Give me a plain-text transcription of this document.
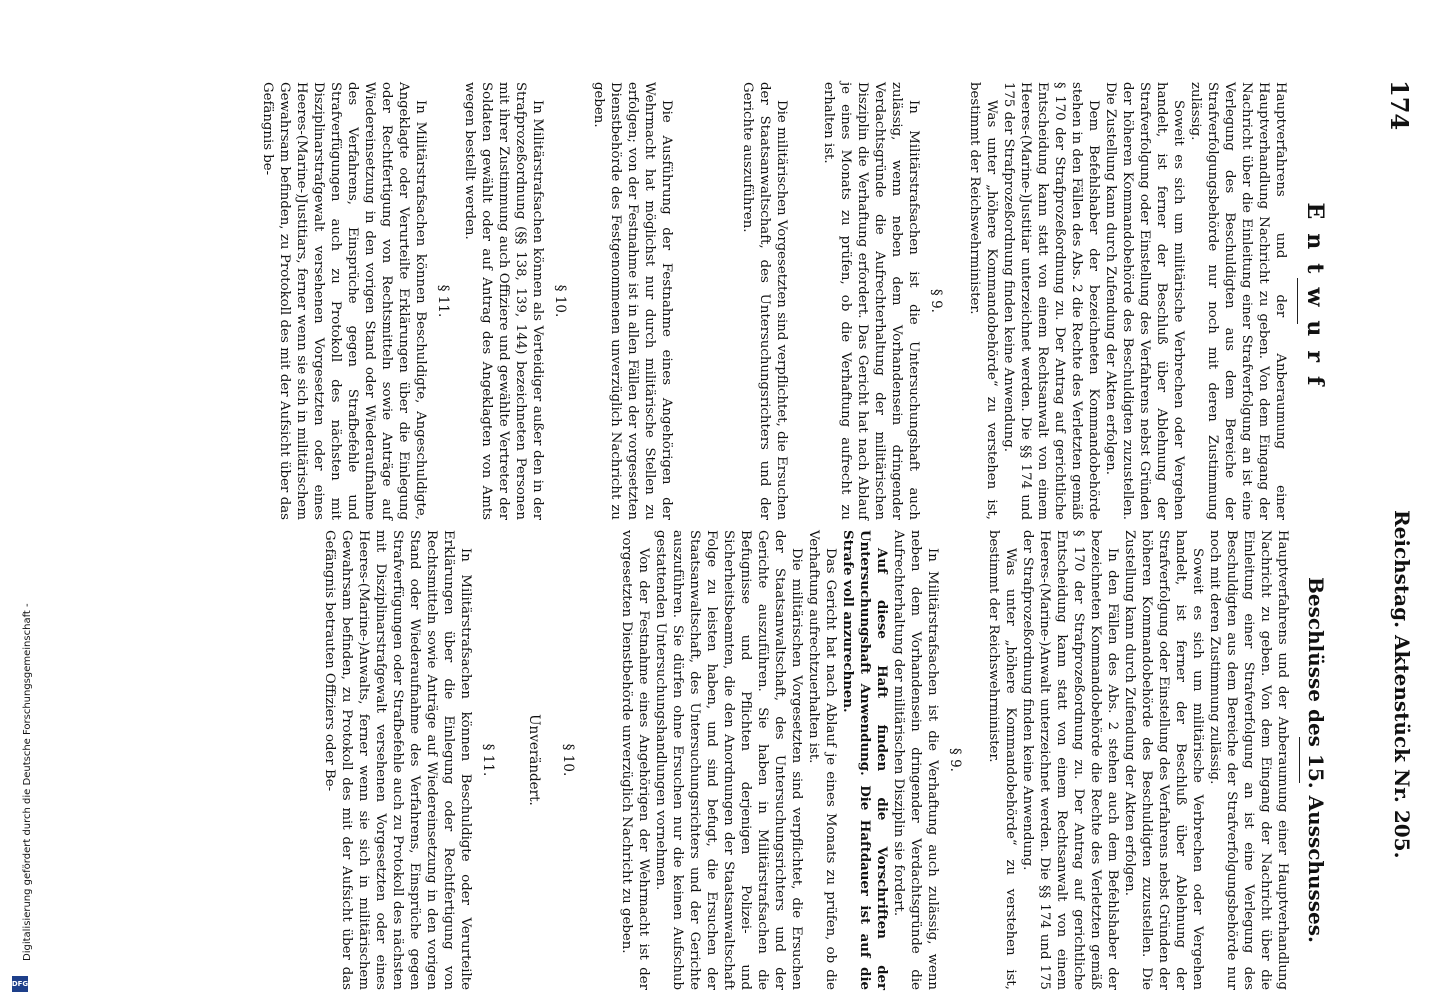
174
Reichstag. Aktenstück Nr. 205.
Entwurf

Hauptverfahrens und der Anberaumung einer Hauptverhandlung Nachricht zu geben. Von dem Eingang der Nachricht über die Einleitung einer Strafverfolgung an ist eine Verlegung des Beschuldigten aus dem Bereiche der Strafverfolgungsbehörde nur noch mit deren Zustimmung zulässig.

Soweit es sich um militärische Verbrechen oder Vergehen handelt, ist ferner der Beschluß über Ablehnung der Strafverfolgung oder Einstellung des Verfahrens nebst Gründen der höheren Kommandobehörde des Beschuldigten zuzustellen. Die Zustellung kann durch Zufendung der Akten erfolgen.

Dem Befehlshaber der bezeichneten Kommandobehörde stehen in den Fällen des Abs. 2 die Rechte des Verletzten gemäß § 170 der Strafprozeßordnung zu. Der Antrag auf gerichtliche Entscheidung kann statt von einem Rechtsanwalt von einem Heeres-(Marine-)Justitiar unterzeichnet werden. Die §§ 174 und 175 der Strafprozeßordnung finden keine Anwendung.

Was unter „höhere Kommandobehörde“ zu verstehen ist, bestimmt der Reichswehrminister.

§ 9.

In Militärstrafsachen ist die Untersuchungshaft auch zulässig, wenn neben dem Vorhandensein dringender Verdachtsgründe die Aufrechterhaltung der militärischen Disziplin die Verhaftung erfordert. Das Gericht hat nach Ablauf je eines Monats zu prüfen, ob die Verhaftung aufrecht zu erhalten ist.

Die militärischen Vorgesetzten sind verpflichtet, die Ersuchen der Staatsanwaltschaft, des Untersuchungsrichters und der Gerichte auszuführen.

Die Ausführung der Festnahme eines Angehörigen der Wehrmacht hat möglichst nur durch militärische Stellen zu erfolgen; von der Festnahme ist in allen Fällen der vorgesetzten Dienstbehörde des Festgenommenen unverzüglich Nachricht zu geben.

§ 10.

In Militärstrafsachen können als Verteidiger außer den in der Strafprozeßordnung (§§ 138, 139, 144) bezeichneten Personen mit ihrer Zustimmung auch Offiziere und gewählte Vertreter der Soldaten gewählt oder auf Antrag des Angeklagten von Amts wegen bestellt werden.

§ 11.

In Militärstrafsachen können Beschuldigte, Angeschuldigte, Angeklagte oder Verurteilte Erklärungen über die Einlegung oder Rechtfertigung von Rechtsmitteln sowie Anträge auf Wiedereinsetzung in den vorigen Stand oder Wiederaufnahme des Verfahrens, Einsprüche gegen Strafbefehle und Strafverfügungen auch zu Protokoll des nächsten mit Disziplinarstrafgewalt versehenen Vorgesetzten oder eines Heeres-(Marine-)Justitiars, ferner wenn sie sich in militärischem Gewahrsam befinden, zu Protokoll des mit der Aufsicht über das Gefängnis be-

Beschlüsse des 15. Ausschusses.

Hauptverfahrens und der Anberaumung einer Hauptverhandlung Nachricht zu geben. Von dem Eingang der Nachricht über die Einleitung einer Strafverfolgung an ist eine Verlegung des Beschuldigten aus dem Bereiche der Strafverfolgungsbehörde nur noch mit deren Zustimmung zulässig.

Soweit es sich um militärische Verbrechen oder Vergehen handelt, ist ferner der Beschluß über Ablehnung der Strafverfolgung oder Einstellung des Verfahrens nebst Gründen der höheren Kommandobehörde des Beschuldigten zuzustellen. Die Zustellung kann durch Zufendung der Akten erfolgen.

In den Fällen des Abs. 2 stehen auch dem Befehlshaber der bezeichneten Kommandobehörde die Rechte des Verletzten gemäß § 170 der Strafprozeßordnung zu. Der Antrag auf gerichtliche Entscheidung kann statt von einem Rechtsanwalt von einem Heeres-(Marine-)Anwalt unterzeichnet werden. Die §§ 174 und 175 der Strafprozeßordnung finden keine Anwendung.

Was unter „höhere Kommandobehörde“ zu verstehen ist, bestimmt der Reichswehrminister.

§ 9.

In Militärstrafsachen ist die Verhaftung auch zulässig, wenn neben dem Vorhandensein dringender Verdachtsgründe die Aufrechterhaltung der militärischen Disziplin sie fordert.

Auf diese Haft finden die Vorschriften der Untersuchungshaft Anwendung. Die Haftdauer ist auf die Strafe voll anzurechnen.

Das Gericht hat nach Ablauf je eines Monats zu prüfen, ob die Verhaftung aufrechtzuerhalten ist.

Die militärischen Vorgesetzten sind verpflichtet, die Ersuchen der Staatsanwaltschaft, des Untersuchungsrichters und der Gerichte auszuführen. Sie haben in Militärstrafsachen die Befugnisse und Pflichten derjenigen Polizei- und Sicherheitsbeamten, die den Anordnungen der Staatsanwaltschaft Folge zu leisten haben, und sind befugt, die Ersuchen der Staatsanwaltschaft, des Untersuchungsrichters und der Gerichte auszuführen. Sie dürfen ohne Ersuchen nur die keinen Aufschub gestattenden Untersuchungshandlungen vornehmen.

Von der Festnahme eines Angehörigen der Wehrmacht ist der vorgesetzten Dienstbehörde unverzüglich Nachricht zu geben.

§ 10.
Unverändert.
§ 11.

In Militärstrafsachen können Beschuldigte oder Verurteilte Erklärungen über die Einlegung oder Rechtfertigung von Rechtsmitteln sowie Anträge auf Wiedereinsetzung in den vorigen Stand oder Wiederaufnahme des Verfahrens, Einsprüche gegen Strafverfügungen oder Strafbefehle auch zu Protokoll des nächsten mit Disziplinarstrafgewalt versehenen Vorgesetzten oder eines Heeres-(Marine-)Anwalts, ferner wenn sie sich in militärischem Gewahrsam befinden, zu Protokoll des mit der Aufsicht über das Gefängnis betrauten Offiziers oder Be-

Digitalisierung gefördert durch die Deutsche Forschungsgemeinschaft -
DFG
